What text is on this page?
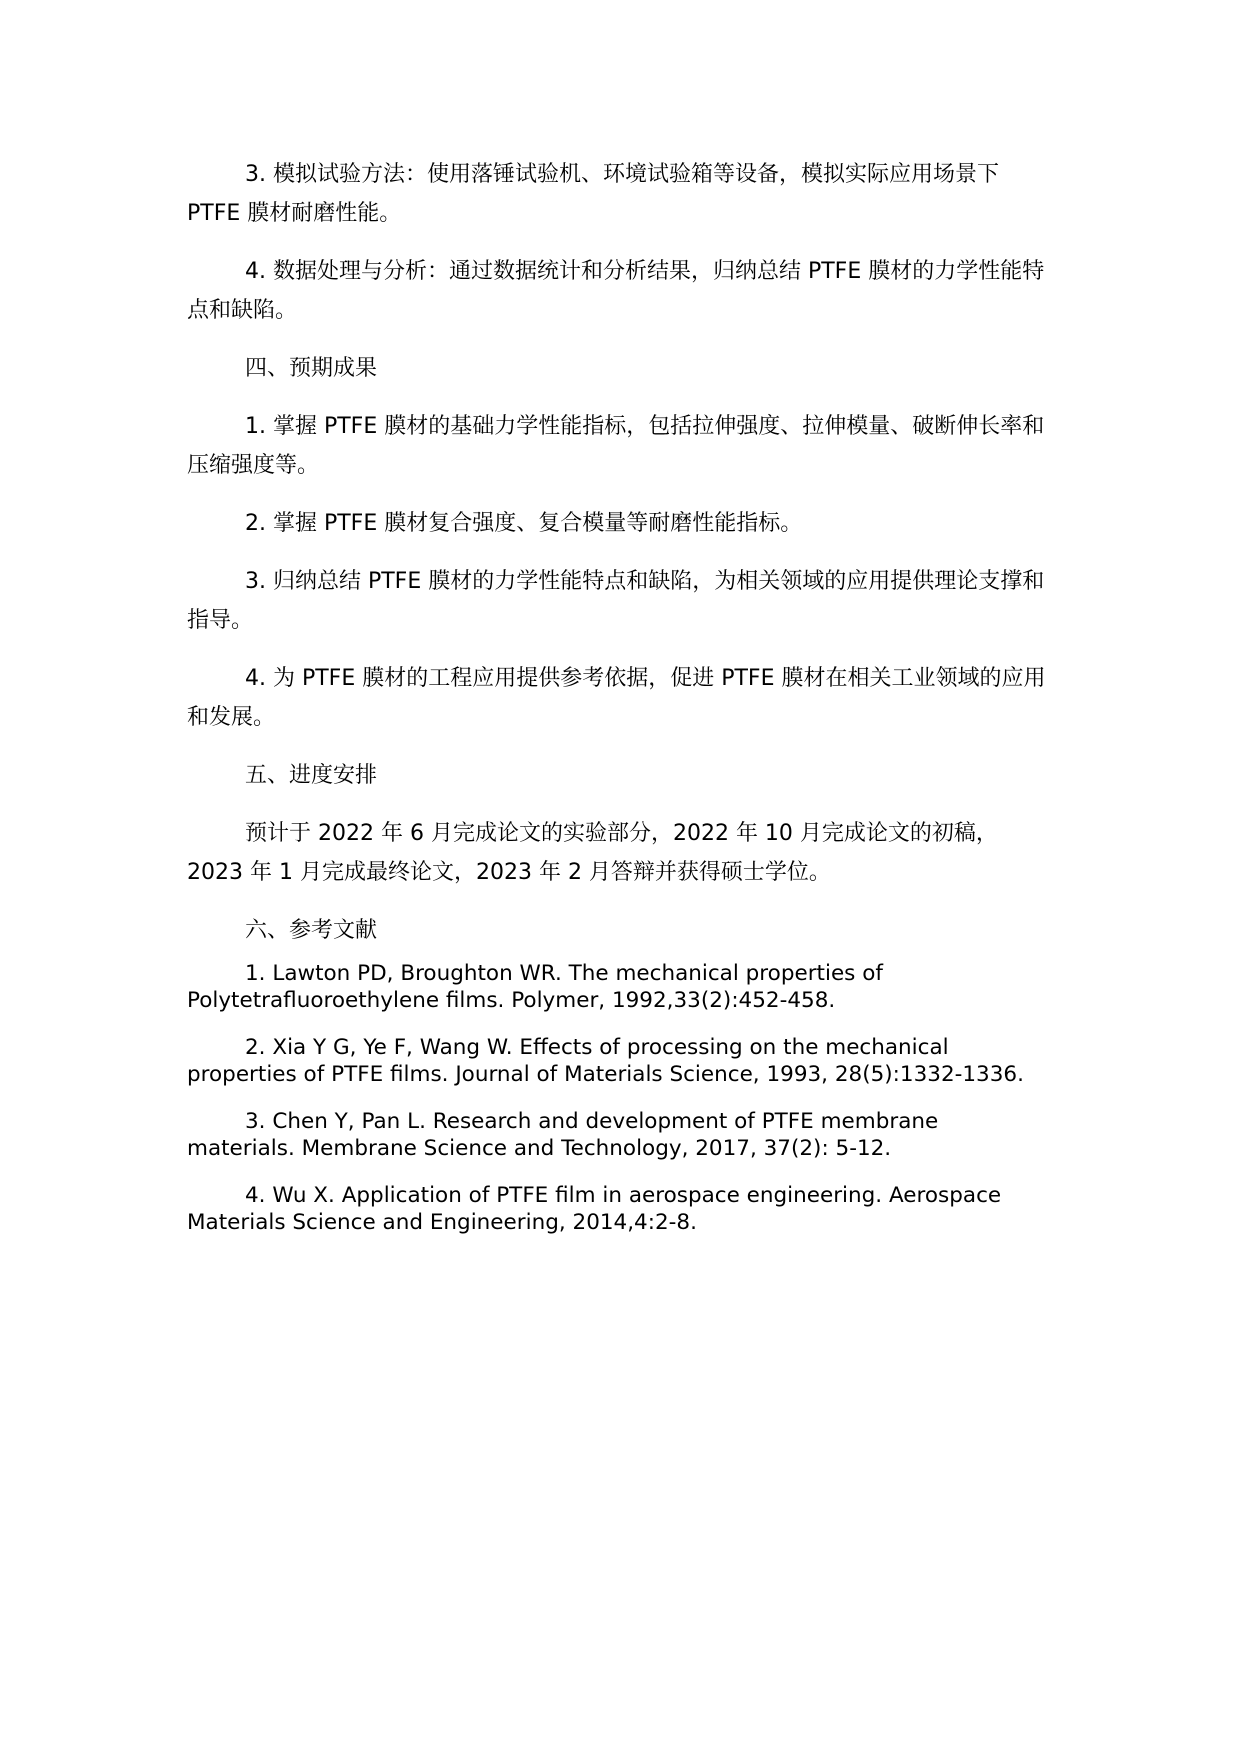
3. 模拟试验方法：使用落锤试验机、环境试验箱等设备，模拟实际应用场景下 PTFE 膜材耐磨性能。

4. 数据处理与分析：通过数据统计和分析结果，归纳总结 PTFE 膜材的力学性能特点和缺陷。

四、预期成果

1. 掌握 PTFE 膜材的基础力学性能指标，包括拉伸强度、拉伸模量、破断伸长率和压缩强度等。

2. 掌握 PTFE 膜材复合强度、复合模量等耐磨性能指标。

3. 归纳总结 PTFE 膜材的力学性能特点和缺陷，为相关领域的应用提供理论支撑和指导。

4. 为 PTFE 膜材的工程应用提供参考依据，促进 PTFE 膜材在相关工业领域的应用和发展。

五、进度安排

预计于 2022 年 6 月完成论文的实验部分，2022 年 10 月完成论文的初稿，2023 年 1 月完成最终论文，2023 年 2 月答辩并获得硕士学位。

六、参考文献

1. Lawton PD, Broughton WR. The mechanical properties of Polytetrafluoroethylene films. Polymer, 1992,33(2):452-458.

2. Xia Y G, Ye F, Wang W. Effects of processing on the mechanical properties of PTFE films. Journal of Materials Science, 1993, 28(5):1332-1336.

3. Chen Y, Pan L. Research and development of PTFE membrane materials. Membrane Science and Technology, 2017, 37(2): 5-12.

4. Wu X. Application of PTFE film in aerospace engineering. Aerospace Materials Science and Engineering, 2014,4:2-8.
